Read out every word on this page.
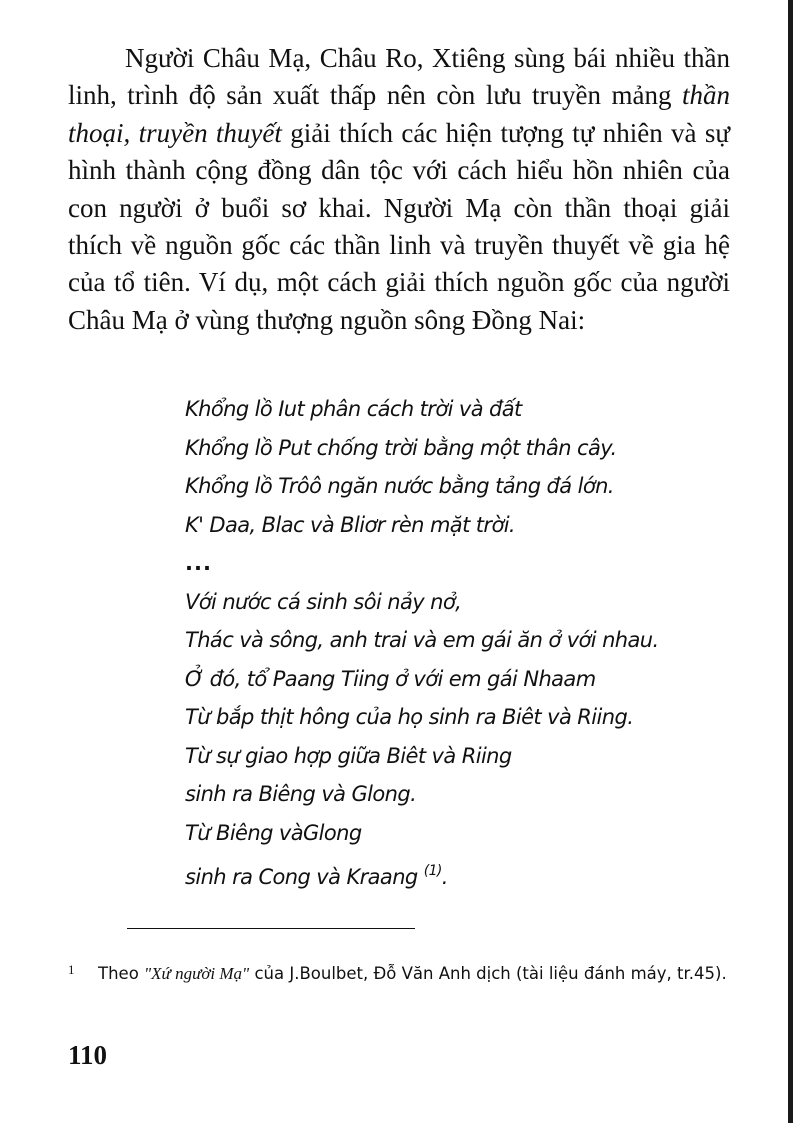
Người Châu Mạ, Châu Ro, Xtiêng sùng bái nhiều thần linh, trình độ sản xuất thấp nên còn lưu truyền mảng thần thoại, truyền thuyết giải thích các hiện tượng tự nhiên và sự hình thành cộng đồng dân tộc với cách hiểu hồn nhiên của con người ở buổi sơ khai. Người Mạ còn thần thoại giải thích về nguồn gốc các thần linh và truyền thuyết về gia hệ của tổ tiên. Ví dụ, một cách giải thích nguồn gốc của người Châu Mạ ở vùng thượng nguồn sông Đồng Nai:

Khổng lồ Iut phân cách trời và đất
Khổng lồ Put chống trời bằng một thân cây.
Khổng lồ Trôô ngăn nước bằng tảng đá lớn.
K' Daa, Blac và Bliơr rèn mặt trời.
...
Với nước cá sinh sôi nảy nở,
Thác và sông, anh trai và em gái ăn ở với nhau.
Ở đó, tổ Paang Tiing ở với em gái Nhaam
Từ bắp thịt hông của họ sinh ra Biêt và Riing.
Từ sự giao hợp giữa Biêt và Riing
sinh ra Biêng và Glong.
Từ Biêng vàGlong
sinh ra Cong và Kraang $^{(1)}$.

1 Theo "Xứ người Mạ" của J.Boulbet, Đỗ Văn Anh dịch (tài liệu đánh máy, tr.45).

110
